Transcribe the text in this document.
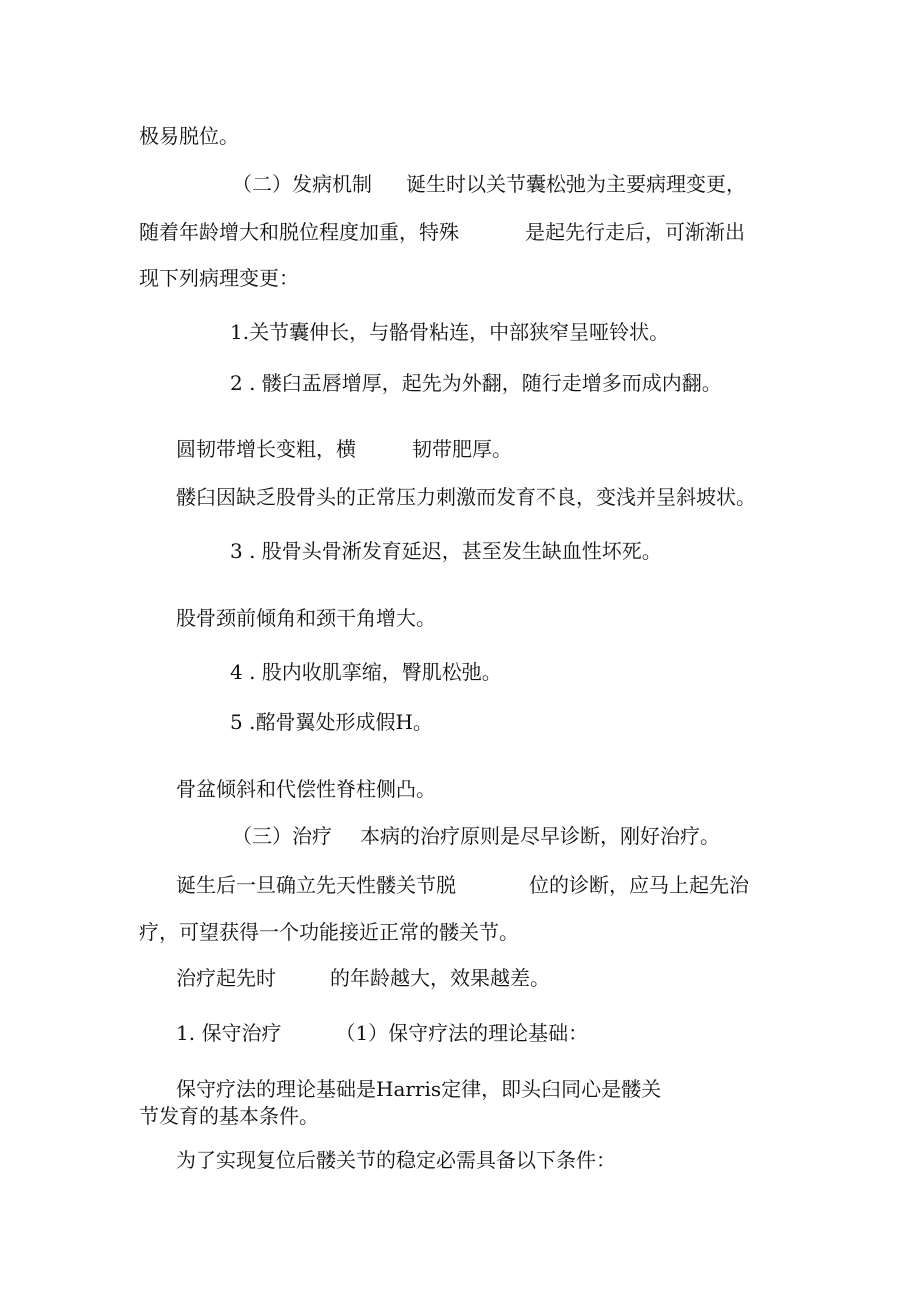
极易脱位。
（二）发病机制 诞生时以关节囊松弛为主要病理变更，
随着年龄增大和脱位程度加重，特殊	是起先行走后，可渐渐出
现下列病理变更：
1.关节囊伸长，与骼骨粘连，中部狭窄呈哑铃状。
2 . 髅臼盂唇增厚，起先为外翻，随行走增多而成内翻。
圆韧带增长变粗，横	韧带肥厚。
髅臼因缺乏股骨头的正常压力刺激而发育不良，变浅并呈斜坡状。
3 . 股骨头骨淅发育延迟，甚至发生缺血性坏死。
股骨颈前倾角和颈干角增大。
4 . 股内收肌挛缩，臀肌松弛。
5 .酩骨翼处形成假H。
骨盆倾斜和代偿性脊柱侧凸。
（三）治疗 本病的治疗原则是尽早诊断，刚好治疗。
诞生后一旦确立先天性髅关节脱	位的诊断，应马上起先治
疗，可望获得一个功能接近正常的髅关节。
治疗起先时	的年龄越大，效果越差。
1. 保守治疗	（1）保守疗法的理论基础：
保守疗法的理论基础是Harris定律，即头臼同心是髅关
节发育的基本条件。
为了实现复位后髅关节的稳定必需具备以下条件：
